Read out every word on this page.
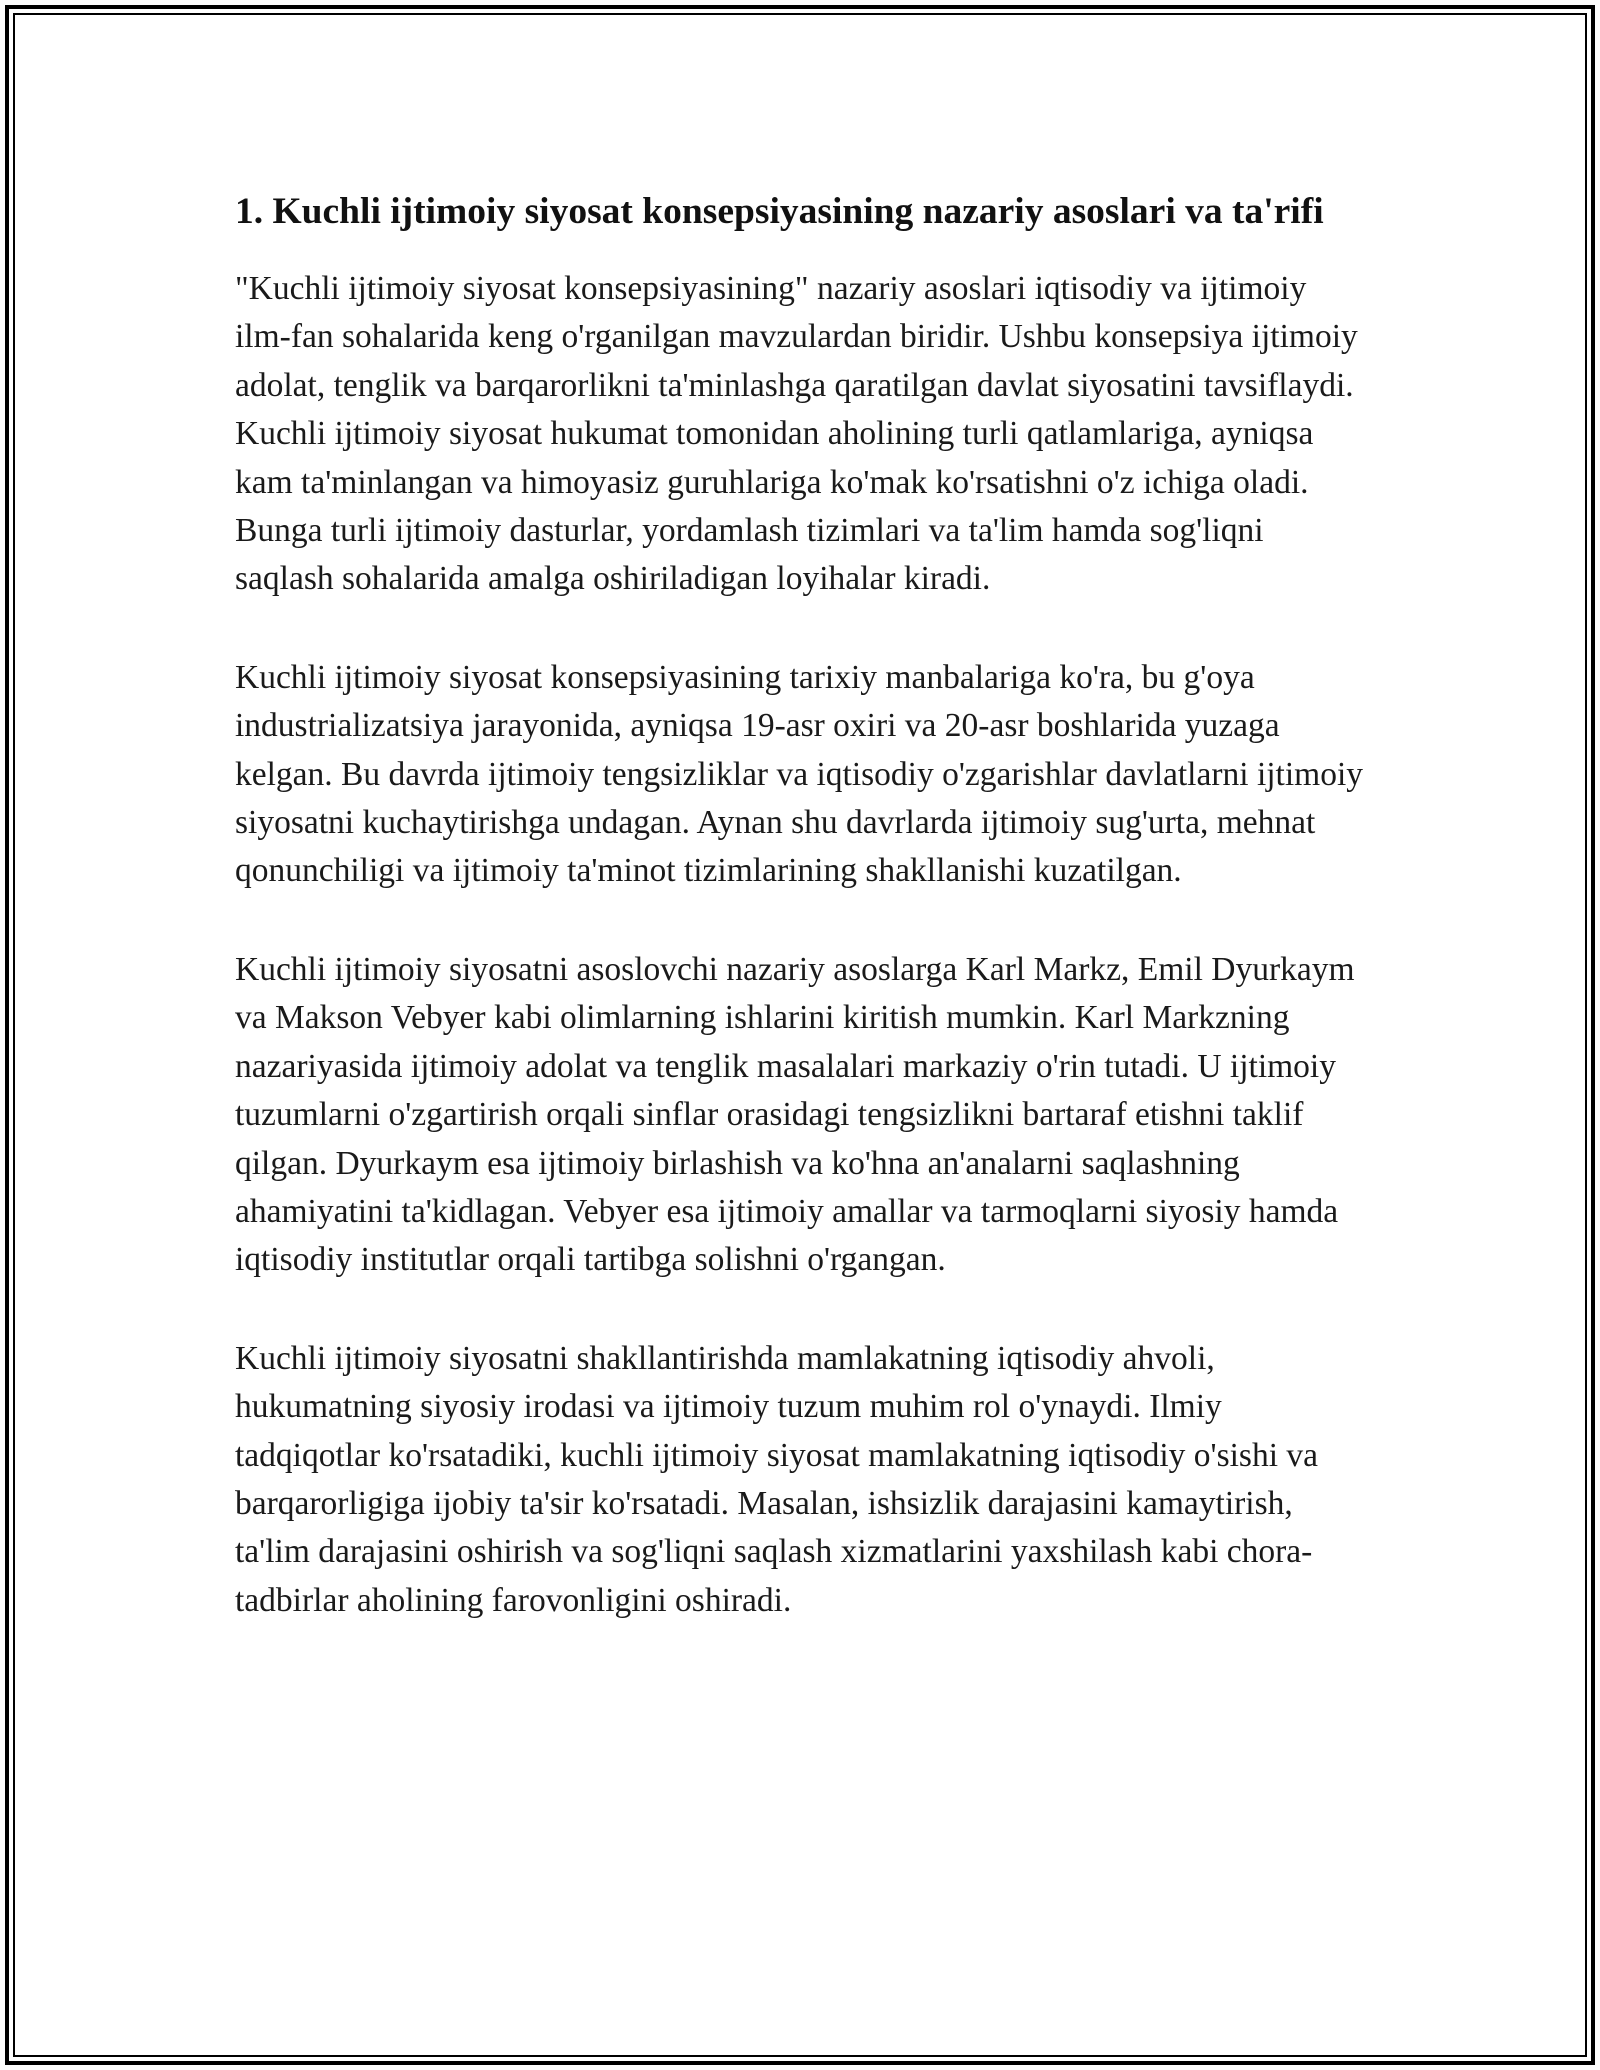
1. Kuchli ijtimoiy siyosat konsepsiyasining nazariy asoslari va ta'rifi

"Kuchli ijtimoiy siyosat konsepsiyasining" nazariy asoslari iqtisodiy va ijtimoiy ilm-fan sohalarida keng o'rganilgan mavzulardan biridir. Ushbu konsepsiya ijtimoiy adolat, tenglik va barqarorlikni ta'minlashga qaratilgan davlat siyosatini tavsiflaydi. Kuchli ijtimoiy siyosat hukumat tomonidan aholining turli qatlamlariga, ayniqsa kam ta'minlangan va himoyasiz guruhlariga ko'mak ko'rsatishni o'z ichiga oladi. Bunga turli ijtimoiy dasturlar, yordamlash tizimlari va ta'lim hamda sog'liqni saqlash sohalarida amalga oshiriladigan loyihalar kiradi.

Kuchli ijtimoiy siyosat konsepsiyasining tarixiy manbalariga ko'ra, bu g'oya industrializatsiya jarayonida, ayniqsa 19-asr oxiri va 20-asr boshlarida yuzaga kelgan. Bu davrda ijtimoiy tengsizliklar va iqtisodiy o'zgarishlar davlatlarni ijtimoiy siyosatni kuchaytirishga undagan. Aynan shu davrlarda ijtimoiy sug'urta, mehnat qonunchiligi va ijtimoiy ta'minot tizimlarining shakllanishi kuzatilgan.

Kuchli ijtimoiy siyosatni asoslovchi nazariy asoslarga Karl Markz, Emil Dyurkaym va Makson Vebyer kabi olimlarning ishlarini kiritish mumkin. Karl Markzning nazariyasida ijtimoiy adolat va tenglik masalalari markaziy o'rin tutadi. U ijtimoiy tuzumlarni o'zgartirish orqali sinflar orasidagi tengsizlikni bartaraf etishni taklif qilgan. Dyurkaym esa ijtimoiy birlashish va ko'hna an'analarni saqlashning ahamiyatini ta'kidlagan. Vebyer esa ijtimoiy amallar va tarmoqlarni siyosiy hamda iqtisodiy institutlar orqali tartibga solishni o'rgangan.

Kuchli ijtimoiy siyosatni shakllantirishda mamlakatning iqtisodiy ahvoli, hukumatning siyosiy irodasi va ijtimoiy tuzum muhim rol o'ynaydi. Ilmiy tadqiqotlar ko'rsatadiki, kuchli ijtimoiy siyosat mamlakatning iqtisodiy o'sishi va barqarorligiga ijobiy ta'sir ko'rsatadi. Masalan, ishsizlik darajasini kamaytirish, ta'lim darajasini oshirish va sog'liqni saqlash xizmatlarini yaxshilash kabi chora-tadbirlar aholining farovonligini oshiradi.
